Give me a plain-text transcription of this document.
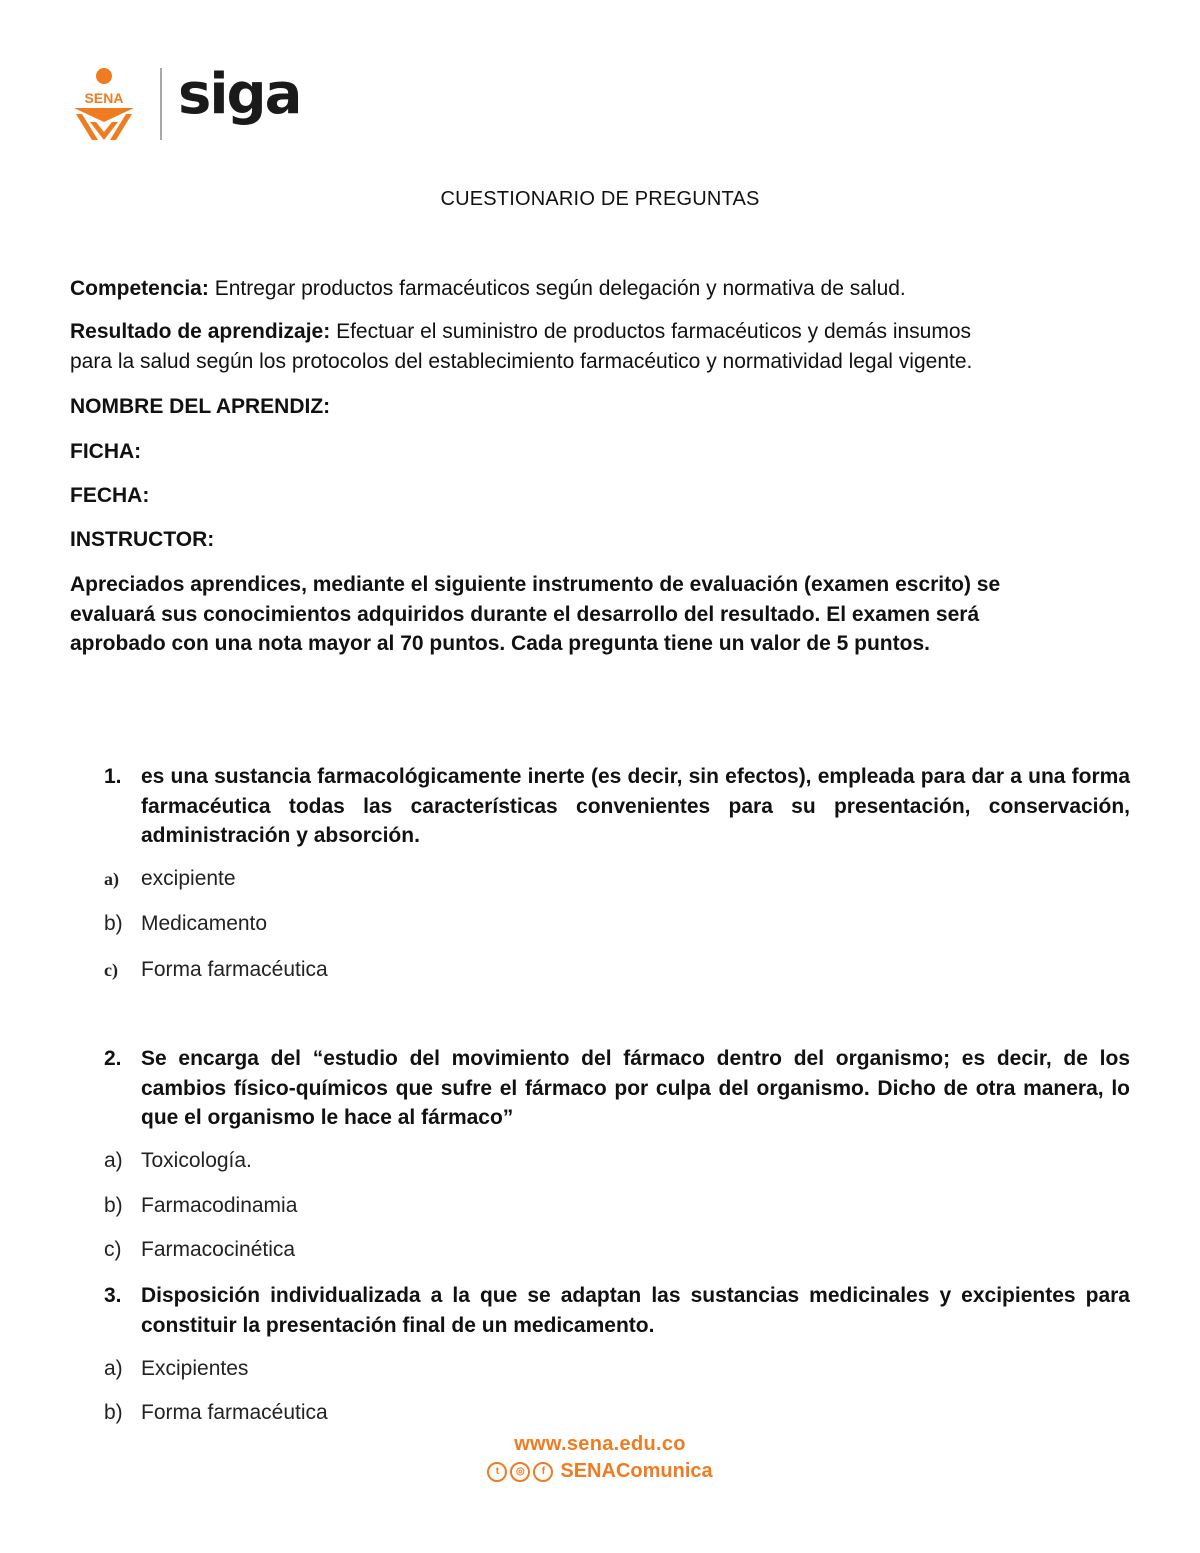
SENA siga
CUESTIONARIO DE PREGUNTAS
Competencia: Entregar productos farmacéuticos según delegación y normativa de salud.
Resultado de aprendizaje: Efectuar el suministro de productos farmacéuticos y demás insumos
para la salud según los protocolos del establecimiento farmacéutico y normatividad legal vigente.
NOMBRE DEL APRENDIZ:
FICHA:
FECHA:
INSTRUCTOR:
Apreciados aprendices, mediante el siguiente instrumento de evaluación (examen escrito) se
evaluará sus conocimientos adquiridos durante el desarrollo del resultado. El examen será
aprobado con una nota mayor al 70 puntos. Cada pregunta tiene un valor de 5 puntos.
1. es una sustancia farmacológicamente inerte (es decir, sin efectos), empleada para dar a una forma farmacéutica todas las características convenientes para su presentación, conservación, administración y absorción.
a) excipiente
b) Medicamento
c) Forma farmacéutica
2. Se encarga del “estudio del movimiento del fármaco dentro del organismo; es decir, de los cambios físico-químicos que sufre el fármaco por culpa del organismo. Dicho de otra manera, lo que el organismo le hace al fármaco”
a) Toxicología.
b) Farmacodinamia
c) Farmacocinética
3. Disposición individualizada a la que se adaptan las sustancias medicinales y excipientes para constituir la presentación final de un medicamento.
a) Excipientes
b) Forma farmacéutica
www.sena.edu.co
t	◎	f SENAComunica
